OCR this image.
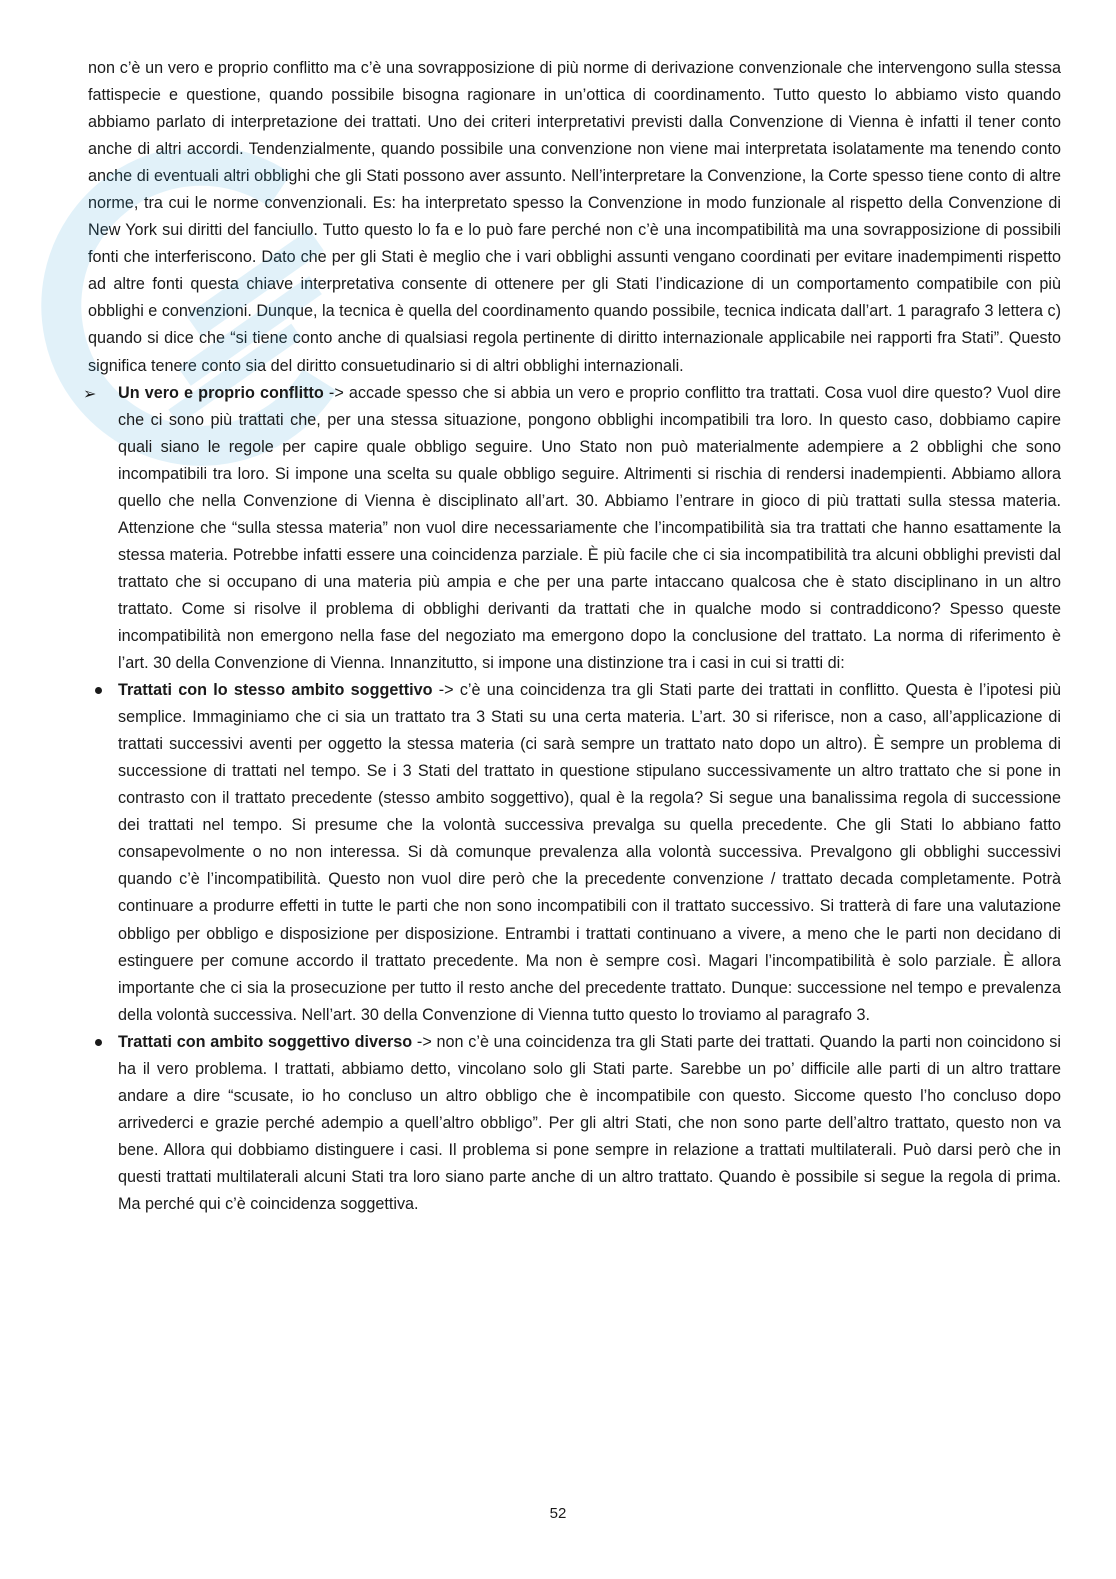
non c’è un vero e proprio conflitto ma c’è una sovrapposizione di più norme di derivazione convenzionale che intervengono sulla stessa fattispecie e questione, quando possibile bisogna ragionare in un’ottica di coordinamento. Tutto questo lo abbiamo visto quando abbiamo parlato di interpretazione dei trattati. Uno dei criteri interpretativi previsti dalla Convenzione di Vienna è infatti il tener conto anche di altri accordi. Tendenzialmente, quando possibile una convenzione non viene mai interpretata isolatamente ma tenendo conto anche di eventuali altri obblighi che gli Stati possono aver assunto. Nell’interpretare la Convenzione, la Corte spesso tiene conto di altre norme, tra cui le norme convenzionali. Es: ha interpretato spesso la Convenzione in modo funzionale al rispetto della Convenzione di New York sui diritti del fanciullo. Tutto questo lo fa e lo può fare perché non c’è una incompatibilità ma una sovrapposizione di possibili fonti che interferiscono. Dato che per gli Stati è meglio che i vari obblighi assunti vengano coordinati per evitare inadempimenti rispetto ad altre fonti questa chiave interpretativa consente di ottenere per gli Stati l’indicazione di un comportamento compatibile con più obblighi e convenzioni. Dunque, la tecnica è quella del coordinamento quando possibile, tecnica indicata dall’art. 1 paragrafo 3 lettera c) quando si dice che “si tiene conto anche di qualsiasi regola pertinente di diritto internazionale applicabile nei rapporti fra Stati”. Questo significa tenere conto sia del diritto consuetudinario si di altri obblighi internazionali.

➢ Un vero e proprio conflitto -> accade spesso che si abbia un vero e proprio conflitto tra trattati. Cosa vuol dire questo? Vuol dire che ci sono più trattati che, per una stessa situazione, pongono obblighi incompatibili tra loro. In questo caso, dobbiamo capire quali siano le regole per capire quale obbligo seguire. Uno Stato non può materialmente adempiere a 2 obblighi che sono incompatibili tra loro. Si impone una scelta su quale obbligo seguire. Altrimenti si rischia di rendersi inadempienti. Abbiamo allora quello che nella Convenzione di Vienna è disciplinato all’art. 30. Abbiamo l’entrare in gioco di più trattati sulla stessa materia. Attenzione che “sulla stessa materia” non vuol dire necessariamente che l’incompatibilità sia tra trattati che hanno esattamente la stessa materia. Potrebbe infatti essere una coincidenza parziale. È più facile che ci sia incompatibilità tra alcuni obblighi previsti dal trattato che si occupano di una materia più ampia e che per una parte intaccano qualcosa che è stato disciplinano in un altro trattato. Come si risolve il problema di obblighi derivanti da trattati che in qualche modo si contraddicono? Spesso queste incompatibilità non emergono nella fase del negoziato ma emergono dopo la conclusione del trattato. La norma di riferimento è l’art. 30 della Convenzione di Vienna. Innanzitutto, si impone una distinzione tra i casi in cui si tratti di:

Trattati con lo stesso ambito soggettivo -> c’è una coincidenza tra gli Stati parte dei trattati in conflitto. Questa è l’ipotesi più semplice. Immaginiamo che ci sia un trattato tra 3 Stati su una certa materia. L’art. 30 si riferisce, non a caso, all’applicazione di trattati successivi aventi per oggetto la stessa materia (ci sarà sempre un trattato nato dopo un altro). È sempre un problema di successione di trattati nel tempo. Se i 3 Stati del trattato in questione stipulano successivamente un altro trattato che si pone in contrasto con il trattato precedente (stesso ambito soggettivo), qual è la regola? Si segue una banalissima regola di successione dei trattati nel tempo. Si presume che la volontà successiva prevalga su quella precedente. Che gli Stati lo abbiano fatto consapevolmente o no non interessa. Si dà comunque prevalenza alla volontà successiva. Prevalgono gli obblighi successivi quando c’è l’incompatibilità. Questo non vuol dire però che la precedente convenzione / trattato decada completamente. Potrà continuare a produrre effetti in tutte le parti che non sono incompatibili con il trattato successivo. Si tratterà di fare una valutazione obbligo per obbligo e disposizione per disposizione. Entrambi i trattati continuano a vivere, a meno che le parti non decidano di estinguere per comune accordo il trattato precedente. Ma non è sempre così. Magari l’incompatibilità è solo parziale. È allora importante che ci sia la prosecuzione per tutto il resto anche del precedente trattato. Dunque: successione nel tempo e prevalenza della volontà successiva. Nell’art. 30 della Convenzione di Vienna tutto questo lo troviamo al paragrafo 3.

Trattati con ambito soggettivo diverso -> non c’è una coincidenza tra gli Stati parte dei trattati. Quando la parti non coincidono si ha il vero problema. I trattati, abbiamo detto, vincolano solo gli Stati parte. Sarebbe un po’ difficile alle parti di un altro trattare andare a dire “scusate, io ho concluso un altro obbligo che è incompatibile con questo. Siccome questo l’ho concluso dopo arrivederci e grazie perché adempio a quell’altro obbligo”. Per gli altri Stati, che non sono parte dell’altro trattato, questo non va bene. Allora qui dobbiamo distinguere i casi. Il problema si pone sempre in relazione a trattati multilaterali. Può darsi però che in questi trattati multilaterali alcuni Stati tra loro siano parte anche di un altro trattato. Quando è possibile si segue la regola di prima. Ma perché qui c’è coincidenza soggettiva.

52
